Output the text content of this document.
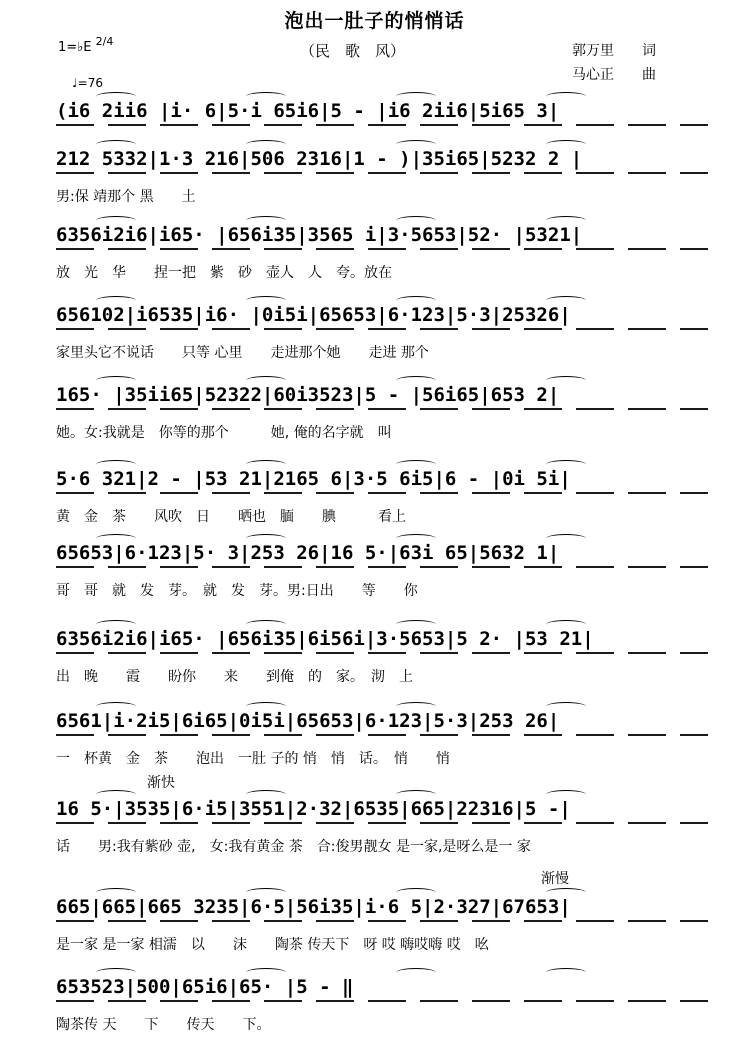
泡出一肚子的悄悄话
（民　歌　风）	郭万里　　词
马心正　　曲
1=♭E $^{2/4}$
♩=76
(i6 2ii6 |i· 6|5·i 65i6|5 - |i6 2ii6|5i65 3|
212 5332|1·3 216|506 2316|1 - )|35i65|5232 2 |
男:保 靖那个 黑　　土
6356i2i6|i65· |656i35|3565 i|3·5653|52· |5321|
放　光　华　　捏一把　紫　砂　壶人　人　夸。放在
656102|i6535|i6· |0i5i|65653|6·123|5·3|25326|
家里头它不说话　　只等 心里　　走进那个她　　走进 那个
165· |35ii65|52322|60i3523|5 - |56i65|653 2|
她。女:我就是　你等的那个　　　她, 俺的名字就　叫
5·6 321|2 - |53 21|2165 6|3·5 6i5|6 - |0i 5i|
黄　金　茶　　风吹　日　　晒也　腼　　腆　　　看上
65653|6·123|5· 3|253 26|16 5·|63i 65|5632 1|
哥　哥　就　发　芽。　就　发　芽。男:日出　　等　　你
6356i2i6|i65· |656i35|6i56i|3·5653|5 2· |53 21|
出　晚　　霞　　盼你　　来　　到俺　的　家。　沏　上
6561|i·2i5|6i65|0i5i|65653|6·123|5·3|253 26|
一　杯黄　金　茶　　泡出　一肚 子的 悄　悄　话。　悄　　悄
16 5·|3535|6·i5|3551|2·32|6535|665|22316|5 -|
话　　男:我有紫砂 壶,　女:我有黄金 茶　合:俊男靓女 是一家,是呀么是一 家
665|665|665 3235|6·5|56i35|i·6 5|2·327|67653|
是一家 是一家 相濡　以　　沫　　陶茶 传天下　呀 哎 嗨哎嗨 哎　吆
653523|500|65i6|65· |5 - ‖
陶茶传 天　　下　　传天　　下。
渐快
渐慢
